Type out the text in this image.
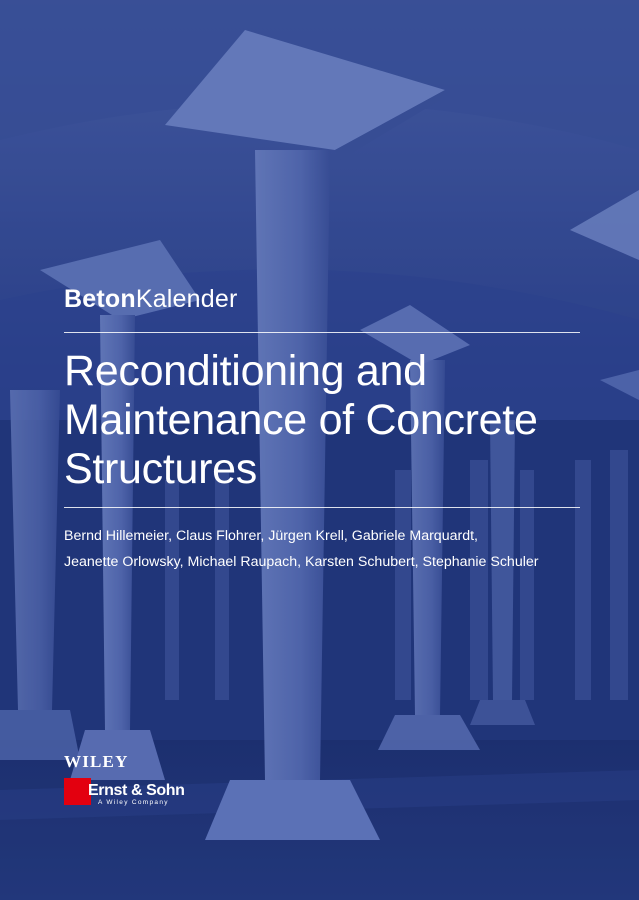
BetonKalender
Reconditioning and
Maintenance of Concrete
Structures
Bernd Hillemeier, Claus Flohrer, Jürgen Krell, Gabriele Marquardt,
Jeanette Orlowsky, Michael Raupach, Karsten Schubert, Stephanie Schuler
WILEY
Ernst & Sohn
A Wiley Company
